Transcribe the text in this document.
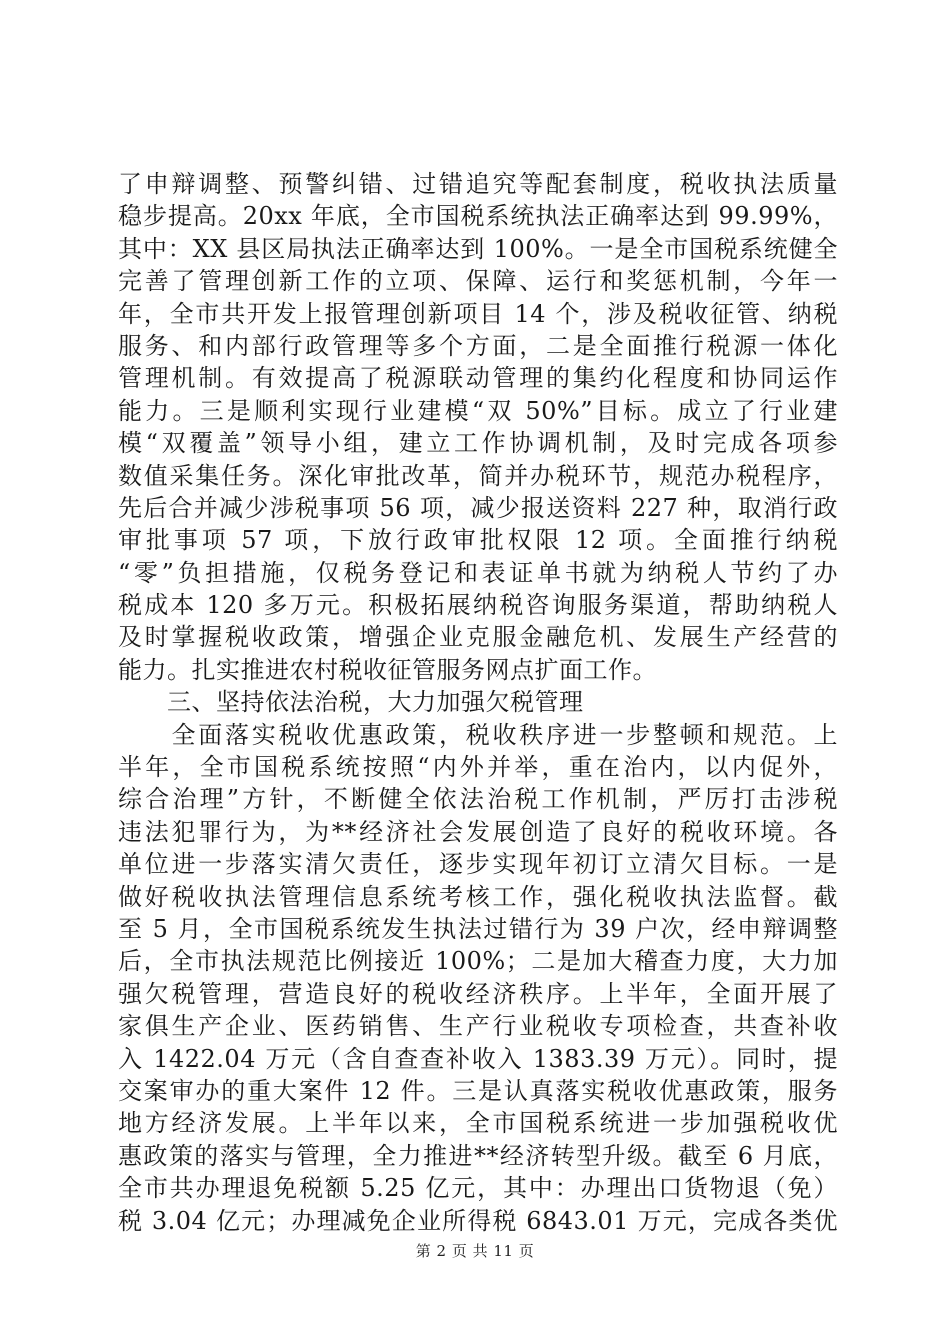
了申辩调整、预警纠错、过错追究等配套制度，税收执法质量
稳步提高。20xx 年底，全市国税系统执法正确率达到 99.99%，
其中：XX 县区局执法正确率达到 100%。一是全市国税系统健全
完善了管理创新工作的立项、保障、运行和奖惩机制，今年一
年，全市共开发上报管理创新项目 14 个，涉及税收征管、纳税
服务、和内部行政管理等多个方面，二是全面推行税源一体化
管理机制。有效提高了税源联动管理的集约化程度和协同运作
能力。三是顺利实现行业建模“双 50%”目标。成立了行业建
模“双覆盖”领导小组，建立工作协调机制，及时完成各项参
数值采集任务。深化审批改革，简并办税环节，规范办税程序，
先后合并减少涉税事项 56 项，减少报送资料 227 种，取消行政
审批事项 57 项，下放行政审批权限 12 项。全面推行纳税
“零”负担措施，仅税务登记和表证单书就为纳税人节约了办
税成本 120 多万元。积极拓展纳税咨询服务渠道，帮助纳税人
及时掌握税收政策，增强企业克服金融危机、发展生产经营的
能力。扎实推进农村税收征管服务网点扩面工作。
　　三、坚持依法治税，大力加强欠税管理
　　全面落实税收优惠政策，税收秩序进一步整顿和规范。上
半年，全市国税系统按照“内外并举，重在治内，以内促外，
综合治理”方针，不断健全依法治税工作机制，严厉打击涉税
违法犯罪行为，为**经济社会发展创造了良好的税收环境。各
单位进一步落实清欠责任，逐步实现年初订立清欠目标。一是
做好税收执法管理信息系统考核工作，强化税收执法监督。截
至 5 月，全市国税系统发生执法过错行为 39 户次，经申辩调整
后，全市执法规范比例接近 100%；二是加大稽查力度，大力加
强欠税管理，营造良好的税收经济秩序。上半年，全面开展了
家俱生产企业、医药销售、生产行业税收专项检查，共查补收
入 1422.04 万元（含自查查补收入 1383.39 万元）。同时，提
交案审办的重大案件 12 件。三是认真落实税收优惠政策，服务
地方经济发展。上半年以来，全市国税系统进一步加强税收优
惠政策的落实与管理，全力推进**经济转型升级。截至 6 月底，
全市共办理退免税额 5.25 亿元，其中：办理出口货物退（免）
税 3.04 亿元；办理减免企业所得税 6843.01 万元，完成各类优
第 2 页 共 11 页
